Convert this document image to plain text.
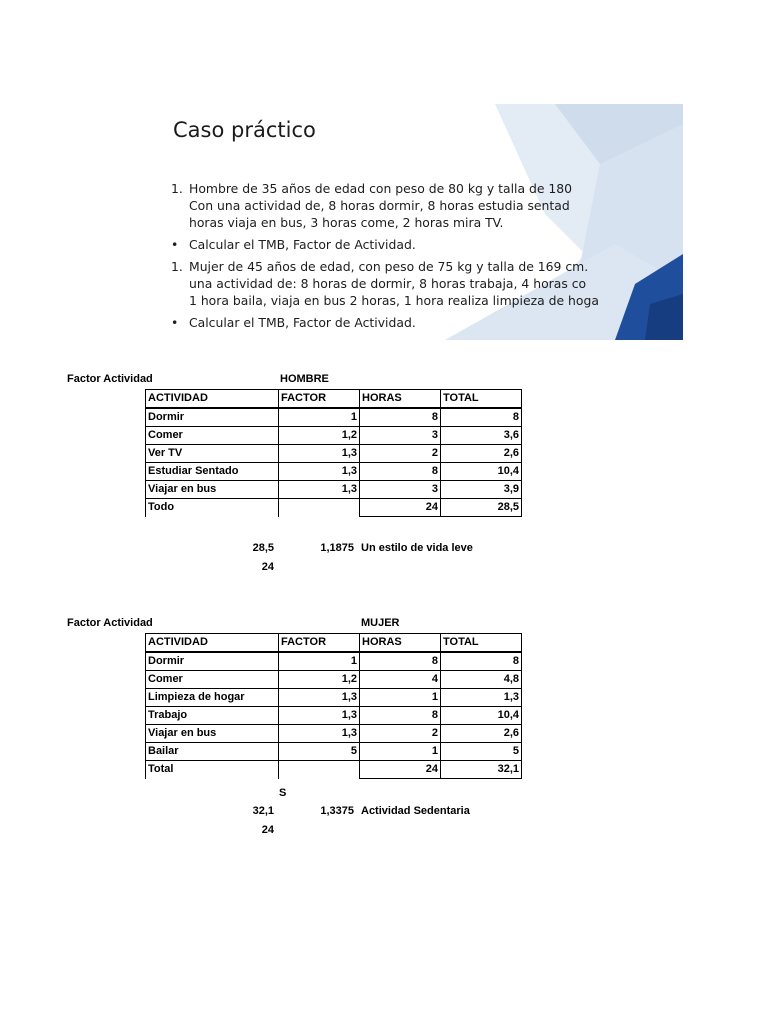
Caso práctico
1. Hombre de 35 años de edad con peso de 80 kg y talla de 180
Con una actividad de, 8 horas dormir, 8 horas estudia sentad
horas viaja en bus, 3 horas come, 2 horas mira TV.
• Calcular el TMB, Factor de Actividad.
1. Mujer de 45 años de edad, con peso de 75 kg y talla de 169 cm.
una actividad de: 8 horas de dormir, 8 horas trabaja, 4 horas co
1 hora baila, viaja en bus 2 horas, 1 hora realiza limpieza de hoga
• Calcular el TMB, Factor de Actividad.
Factor Actividad	HOMBRE
ACTIVIDAD	FACTOR	HORAS	TOTAL
Dormir	1	8	8
Comer	1,2	3	3,6
Ver TV	1,3	2	2,6
Estudiar Sentado	1,3	8	10,4
Viajar en bus	1,3	3	3,9
Todo		24	28,5
28,5	1,1875 Un estilo de vida leve
24
Factor Actividad	MUJER
ACTIVIDAD	FACTOR	HORAS	TOTAL
Dormir	1	8	8
Comer	1,2	4	4,8
Limpieza de hogar	1,3	1	1,3
Trabajo	1,3	8	10,4
Viajar en bus	1,3	2	2,6
Bailar	5	1	5
Total		24	32,1
S
32,1	1,3375 Actividad Sedentaria
24
